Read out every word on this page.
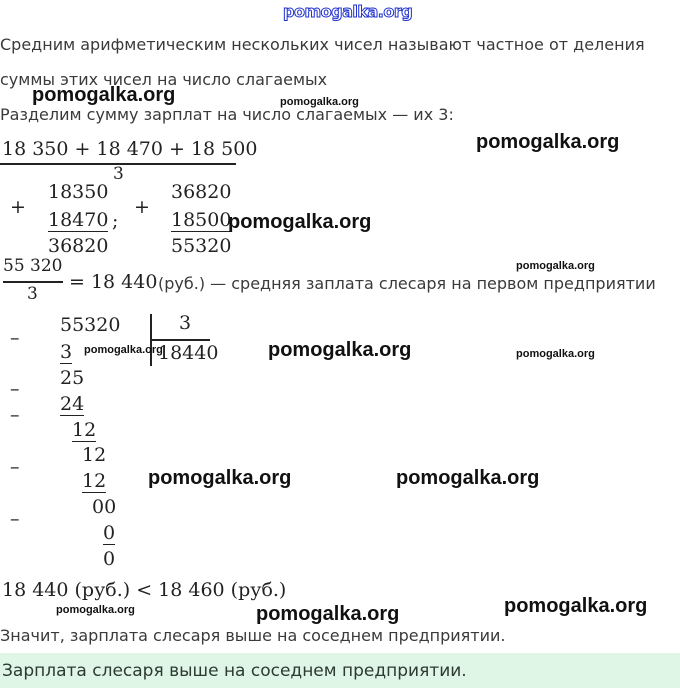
pomogalka.org
Средним арифметическим нескольких чисел называют частное от деления
суммы этих чисел на число слагаемых
Разделим сумму зарплат на число слагаемых — их 3:
18 350 + 18 470 + 18 500
3
+
18350
18470
36820
;
+
36820
18500
55320
55 320
3
= 18 440 (руб.) — средняя заплата слесаря на первом предприятии
55320	3
18440
–
3
25
–
24
–
12
12
–
12
00
–
0
0
18 440 (руб.) < 18 460 (руб.)
Значит, зарплата слесаря выше на соседнем предприятии.
Зарплата слесаря выше на соседнем предприятии.
pomogalka.org	pomogalka.org
pomogalka.org
pomogalka.org
pomogalka.org
pomogalka.org	pomogalka.org	pomogalka.org
pomogalka.org	pomogalka.org
pomogalka.org	pomogalka.org	pomogalka.org
